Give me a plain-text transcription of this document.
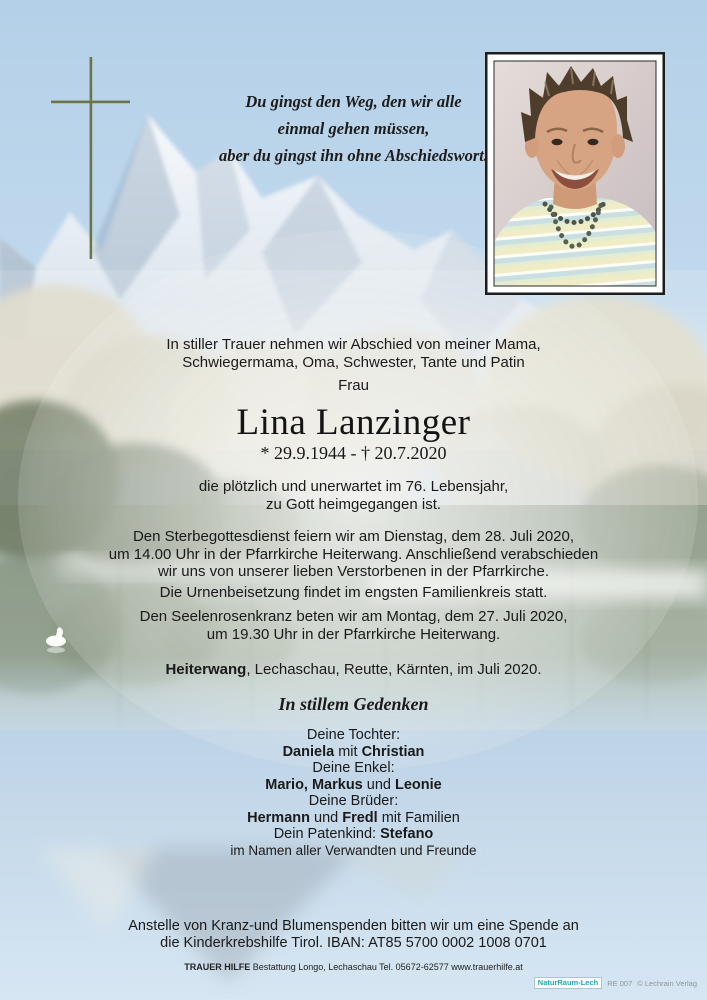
Du gingst den Weg, den wir alle
einmal gehen müssen,
aber du gingst ihn ohne Abschiedswort.
In stiller Trauer nehmen wir Abschied von meiner Mama,
Schwiegermama, Oma, Schwester, Tante und Patin
Frau
Lina Lanzinger
* 29.9.1944 - † 20.7.2020
die plötzlich und unerwartet im 76. Lebensjahr,
zu Gott heimgegangen ist.
Den Sterbegottesdienst feiern wir am Dienstag, dem 28. Juli 2020,
um 14.00 Uhr in der Pfarrkirche Heiterwang. Anschließend verabschieden
wir uns von unserer lieben Verstorbenen in der Pfarrkirche.
Die Urnenbeisetzung findet im engsten Familienkreis statt.
Den Seelenrosenkranz beten wir am Montag, dem 27. Juli 2020,
um 19.30 Uhr in der Pfarrkirche Heiterwang.
Heiterwang, Lechaschau, Reutte, Kärnten, im Juli 2020.
In stillem Gedenken
Deine Tochter:
Daniela mit Christian
Deine Enkel:
Mario, Markus und Leonie
Deine Brüder:
Hermann und Fredl mit Familien
Dein Patenkind: Stefano
im Namen aller Verwandten und Freunde
Anstelle von Kranz-und Blumenspenden bitten wir um eine Spende an
die Kinderkrebshilfe Tirol. IBAN: AT85 5700 0002 1008 0701
TRAUER HILFE Bestattung Longo, Lechaschau Tel. 05672-62577 www.trauerhilfe.at
NaturRaum-Lech	RE 007 © Lechrain Verlag
